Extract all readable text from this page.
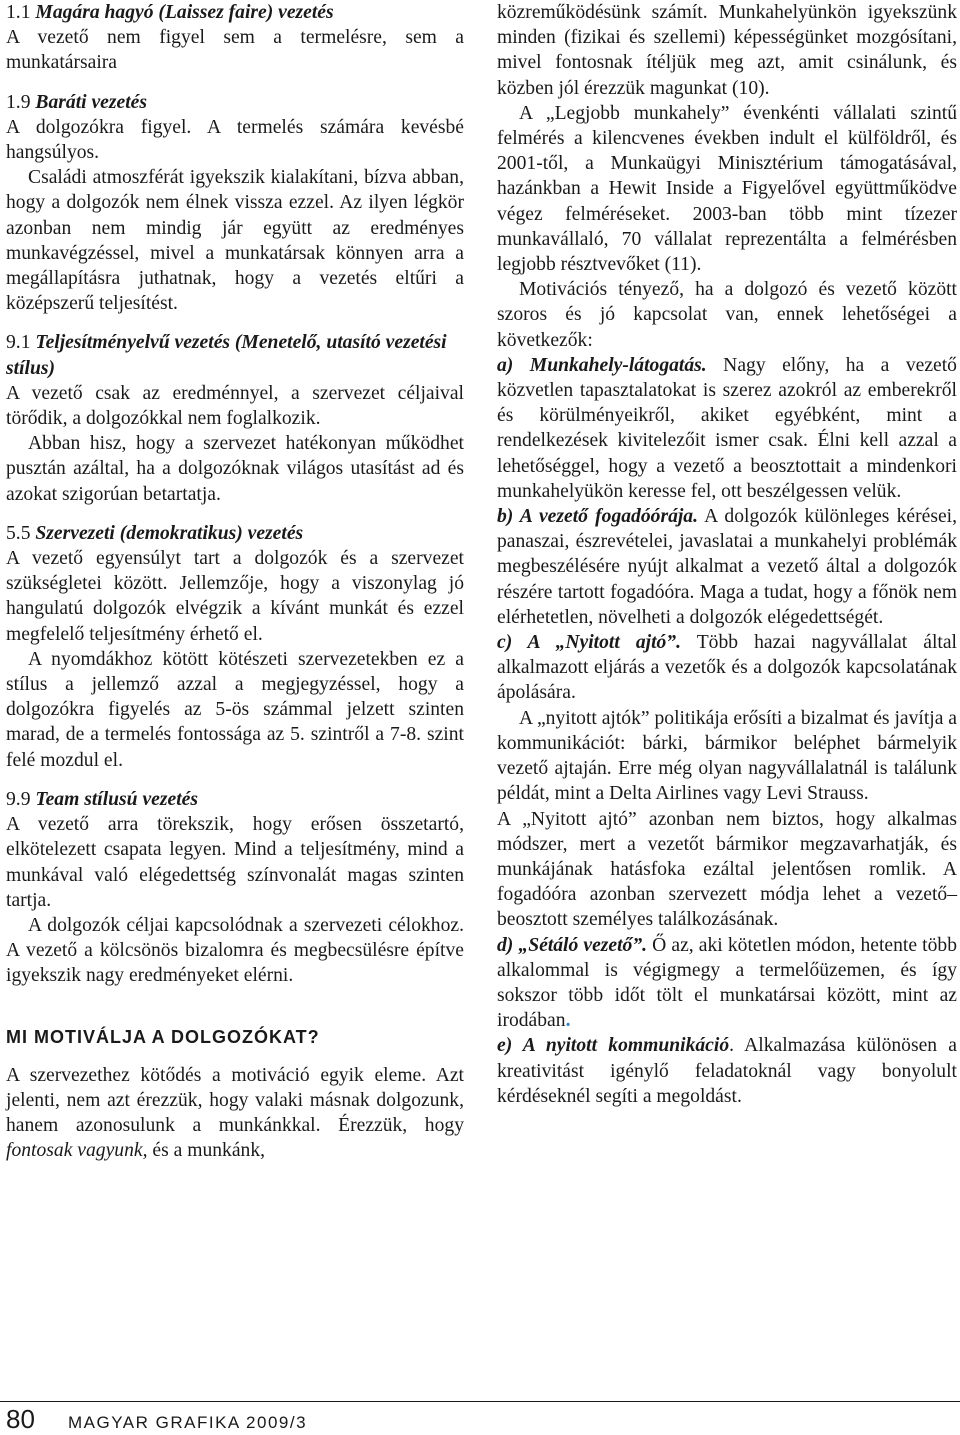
1.1 Magára hagyó (Laissez faire) vezetés

A vezető nem figyel sem a termelésre, sem a munkatársaira

1.9 Baráti vezetés

A dolgozókra figyel. A termelés számára kevésbé hangsúlyos.

Családi atmoszférát igyekszik kialakítani, bízva abban, hogy a dolgozók nem élnek vissza ezzel. Az ilyen légkör azonban nem mindig jár együtt az eredményes munkavégzéssel, mivel a munkatársak könnyen arra a megállapításra juthatnak, hogy a vezetés eltűri a középszerű teljesítést.

9.1 Teljesítményelvű vezetés (Menetelő, utasító vezetési stílus)

A vezető csak az eredménnyel, a szervezet céljaival törődik, a dolgozókkal nem foglalkozik.

Abban hisz, hogy a szervezet hatékonyan működhet pusztán azáltal, ha a dolgozóknak világos utasítást ad és azokat szigorúan betartatja.

5.5 Szervezeti (demokratikus) vezetés

A vezető egyensúlyt tart a dolgozók és a szervezet szükségletei között. Jellemzője, hogy a viszonylag jó hangulatú dolgozók elvégzik a kívánt munkát és ezzel megfelelő teljesítmény érhető el.

A nyomdákhoz kötött kötészeti szervezetekben ez a stílus a jellemző azzal a megjegyzéssel, hogy a dolgozókra figyelés az 5-ös számmal jelzett szinten marad, de a termelés fontossága az 5. szintről a 7-8. szint felé mozdul el.

9.9 Team stílusú vezetés

A vezető arra törekszik, hogy erősen összetartó, elkötelezett csapata legyen. Mind a teljesítmény, mind a munkával való elégedettség színvonalát magas szinten tartja.

A dolgozók céljai kapcsolódnak a szervezeti célokhoz. A vezető a kölcsönös bizalomra és megbecsülésre építve igyekszik nagy eredményeket elérni.

MI MOTIVÁLJA A DOLGOZÓKAT?

A szervezethez kötődés a motiváció egyik eleme. Azt jelenti, nem azt érezzük, hogy valaki másnak dolgozunk, hanem azonosulunk a munkánkkal. Érezzük, hogy fontosak vagyunk, és a munkánk,

közreműködésünk számít. Munkahelyünkön igyekszünk minden (fizikai és szellemi) képességünket mozgósítani, mivel fontosnak ítéljük meg azt, amit csinálunk, és közben jól érezzük magunkat (10).

A „Legjobb munkahely” évenkénti vállalati szintű felmérés a kilencvenes években indult el külföldről, és 2001-től, a Munkaügyi Minisztérium támogatásával, hazánkban a Hewit Inside a Figyelővel együttműködve végez felméréseket. 2003-ban több mint tízezer munkavállaló, 70 vállalat reprezentálta a felmérésben legjobb résztvevőket (11).

Motivációs tényező, ha a dolgozó és vezető között szoros és jó kapcsolat van, ennek lehetőségei a következők:

a) Munkahely-látogatás. Nagy előny, ha a vezető közvetlen tapasztalatokat is szerez azokról az emberekről és körülményeikről, akiket egyébként, mint a rendelkezések kivitelezőit ismer csak. Élni kell azzal a lehetőséggel, hogy a vezető a beosztottait a mindenkori munkahelyükön keresse fel, ott beszélgessen velük.

b) A vezető fogadóórája. A dolgozók különleges kérései, panaszai, észrevételei, javaslatai a munkahelyi problémák megbeszélésére nyújt alkalmat a vezető által a dolgozók részére tartott fogadóóra. Maga a tudat, hogy a főnök nem elérhetetlen, növelheti a dolgozók elégedettségét.

c) A „Nyitott ajtó”. Több hazai nagyvállalat által alkalmazott eljárás a vezetők és a dolgozók kapcsolatának ápolására.

A „nyitott ajtók” politikája erősíti a bizalmat és javítja a kommunikációt: bárki, bármikor beléphet bármelyik vezető ajtaján. Erre még olyan nagyvállalatnál is találunk példát, mint a Delta Airlines vagy Levi Strauss.

A „Nyitott ajtó” azonban nem biztos, hogy alkalmas módszer, mert a vezetőt bármikor megzavarhatják, és munkájának hatásfoka ezáltal jelentősen romlik. A fogadóóra azonban szervezett módja lehet a vezető–beosztott személyes találkozásának.

d) „Sétáló vezető”. Ő az, aki kötetlen módon, hetente több alkalommal is végigmegy a termelőüzemen, és így sokszor több időt tölt el munkatársai között, mint az irodában.

e) A nyitott kommunikáció. Alkalmazása különösen a kreativitást igénylő feladatoknál vagy bonyolult kérdéseknél segíti a megoldást.

80 MAGYAR GRAFIKA 2009/3
